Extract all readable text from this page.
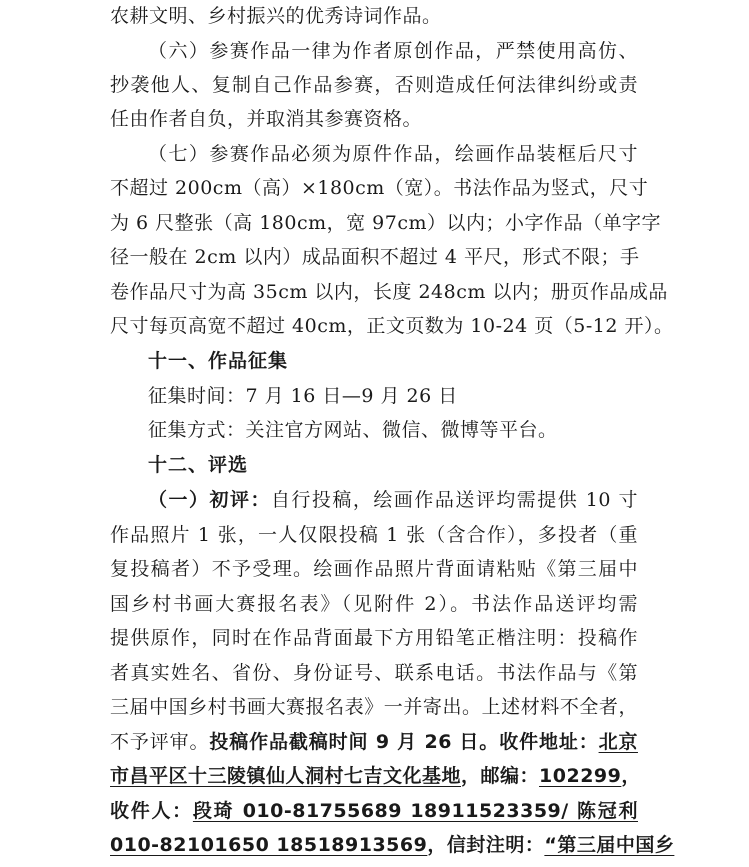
农耕文明、乡村振兴的优秀诗词作品。
（六）参赛作品一律为作者原创作品，严禁使用高仿、
抄袭他人、复制自己作品参赛，否则造成任何法律纠纷或责
任由作者自负，并取消其参赛资格。
（七）参赛作品必须为原件作品，绘画作品装框后尺寸
不超过 200cm（高）×180cm（宽）。书法作品为竖式，尺寸
为 6 尺整张（高 180cm，宽 97cm）以内；小字作品（单字字
径一般在 2cm 以内）成品面积不超过 4 平尺，形式不限；手
卷作品尺寸为高 35cm 以内，长度 248cm 以内；册页作品成品
尺寸每页高宽不超过 40cm，正文页数为 10-24 页（5-12 开）。
十一、作品征集
征集时间：7 月 16 日—9 月 26 日
征集方式：关注官方网站、微信、微博等平台。
十二、评选
（一）初评：自行投稿，绘画作品送评均需提供 10 寸
作品照片 1 张，一人仅限投稿 1 张（含合作），多投者（重
复投稿者）不予受理。绘画作品照片背面请粘贴《第三届中
国乡村书画大赛报名表》（见附件 2）。书法作品送评均需
提供原作，同时在作品背面最下方用铅笔正楷注明：投稿作
者真实姓名、省份、身份证号、联系电话。书法作品与《第
三届中国乡村书画大赛报名表》一并寄出。上述材料不全者，
不予评审。投稿作品截稿时间 9 月 26 日。收件地址：北京
市昌平区十三陵镇仙人洞村七吉文化基地，邮编：102299，
收件人：段琦 010-81755689 18911523359/ 陈冠利
010-82101650 18518913569，信封注明：“第三届中国乡
